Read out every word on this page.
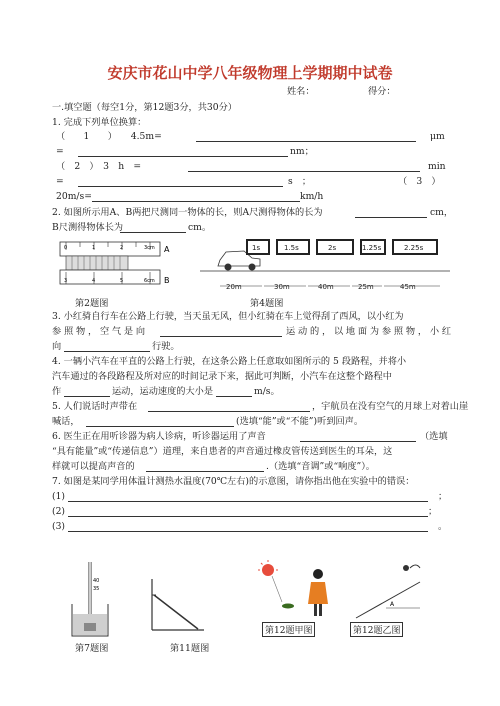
安庆市花山中学八年级物理上学期期中试卷
姓名：	得分：
一.填空题（每空1分，第12题3分，共30分）
1. 完成下列单位换算：
（　　1　　）　　4.5m=	μm
=	nm；
（　2　）　3　h　=	min
=	s　；	（　3　）
20m/s=	km/h
2. 如图所示用A、B两把尺测同一物体的长，则A尺测得物体的长为	cm，
B尺测得物体长为	cm。
0	1	2	3cm
3	4	5	6cm
A
B
1s	1.5s	2s	1.25s	2.25s
20m	30m	40m	25m	45m
第2题图	第4题图
3. 小红骑自行车在公路上行驶，当天虽无风，但小红骑在车上觉得刮了西风，以小红为
参照物，空气是向	运动的，以地面为参照物，小红
向	行驶。
4. 一辆小汽车在平直的公路上行驶，在这条公路上任意取如图所示的 5 段路程，并将小
汽车通过的各段路程及所对应的时间记录下来，据此可判断，小汽车在这整个路程中
作	运动，运动速度的大小是	m/s。
5. 人们说话时声带在	，宇航员在没有空气的月球上对着山崖
喊话，	(选填“能”或“不能”)听到回声。
6. 医生正在用听诊器为病人诊病，听诊器运用了声音	（选填
“具有能量”或“传递信息”）道理，来自患者的声音通过橡皮管传送到医生的耳朵，这
样就可以提高声音的	.（选填“音调”或“响度”）。
7. 如图是某同学用体温计测热水温度(70℃左右)的示意图，请你指出他在实验中的错误：
(1)	；
(2)	；
(3)	。
40
35
第7题图	第11题图
第12题甲图
A
第12题乙图
